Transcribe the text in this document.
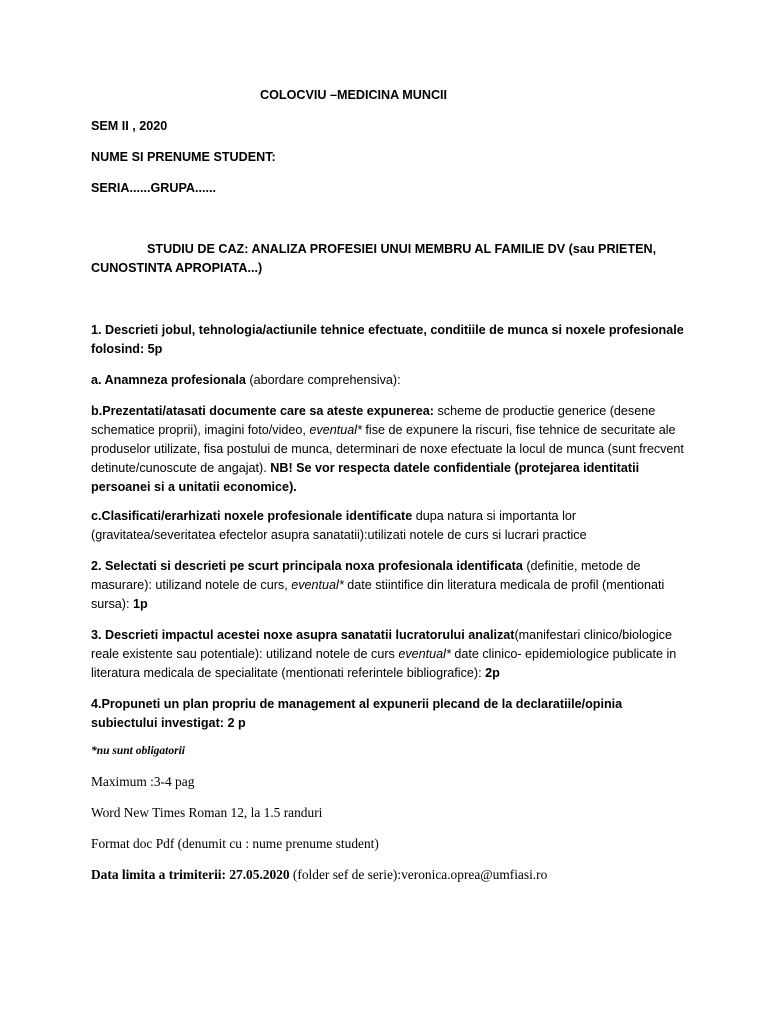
COLOCVIU –MEDICINA MUNCII

SEM II , 2020

NUME SI PRENUME STUDENT:

SERIA......GRUPA......

STUDIU DE CAZ: ANALIZA PROFESIEI UNUI MEMBRU AL FAMILIE DV (sau PRIETEN, CUNOSTINTA APROPIATA...)

1. Descrieti jobul, tehnologia/actiunile tehnice efectuate, conditiile de munca si noxele profesionale folosind: 5p

a. Anamneza profesionala (abordare comprehensiva):

b.Prezentati/atasati documente care sa ateste expunerea: scheme de productie generice (desene schematice proprii), imagini foto/video, eventual* fise de expunere la riscuri, fise tehnice de securitate ale produselor utilizate, fisa postului de munca, determinari de noxe efectuate la locul de munca (sunt frecvent detinute/cunoscute de angajat). NB! Se vor respecta datele confidentiale (protejarea identitatii persoanei si a unitatii economice).

c.Clasificati/erarhizati noxele profesionale identificate dupa natura si importanta lor (gravitatea/severitatea efectelor asupra sanatatii):utilizati notele de curs si lucrari practice

2. Selectati si descrieti pe scurt principala noxa profesionala identificata (definitie, metode de masurare): utilizand notele de curs, eventual* date stiintifice din literatura medicala de profil (mentionati sursa): 1p

3. Descrieti impactul acestei noxe asupra sanatatii lucratorului analizat(manifestari clinico/biologice reale existente sau potentiale): utilizand notele de curs eventual* date clinico- epidemiologice publicate in literatura medicala de specialitate (mentionati referintele bibliografice): 2p

4.Propuneti un plan propriu de management al expunerii plecand de la declaratiile/opinia subiectului investigat: 2 p

*nu sunt obligatorii

Maximum :3-4 pag

Word New Times Roman 12, la 1.5 randuri

Format doc Pdf (denumit cu : nume prenume student)

Data limita a trimiterii: 27.05.2020 (folder sef de serie):veronica.oprea@umfiasi.ro
